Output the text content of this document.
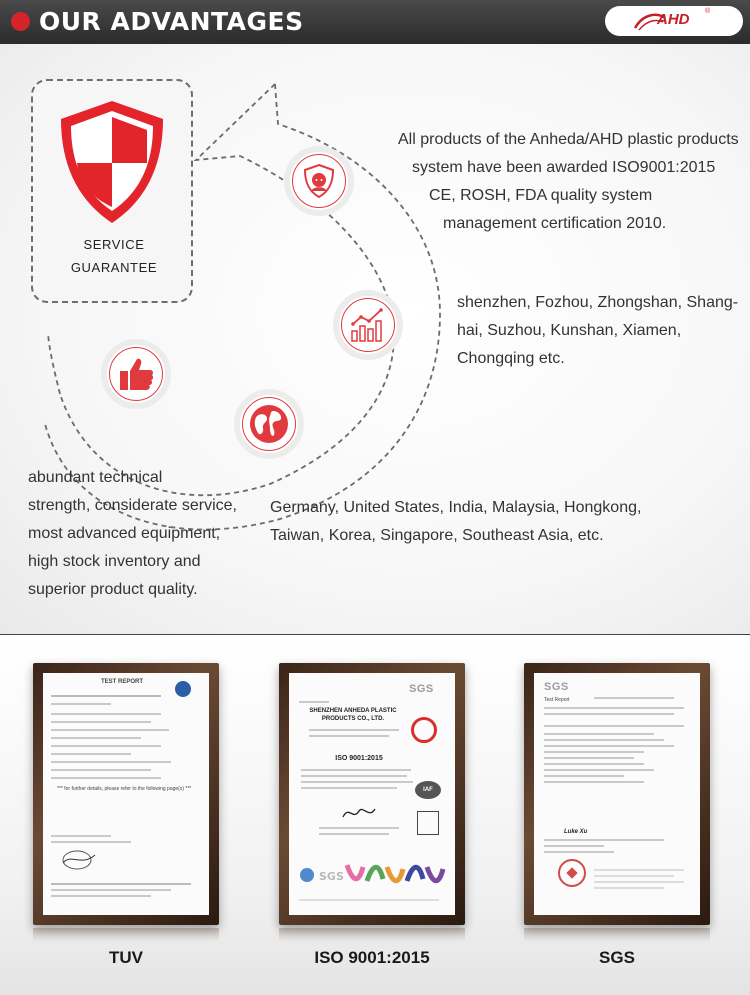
OUR ADVANTAGES	AHD ®
SERVICE
GUARANTEE
All products of the Anheda/AHD plastic products
system have been awarded ISO9001:2015
CE, ROSH, FDA quality system
management certification 2010.
shenzhen, Fozhou, Zhongshan, Shang-
hai, Suzhou, Kunshan, Xiamen,
Chongqing etc.
abundant technical
strength, considerate service,
most advanced equipment,
high stock inventory and
superior product quality.
Germany, United States, India, Malaysia, Hongkong,
Taiwan, Korea, Singapore, Southeast Asia, etc.
TEST REPORT
*** for further details, please refer to the following page(s) ***
TUV
SGS
SHENZHEN ANHEDA PLASTIC PRODUCTS CO., LTD.
ISO 9001:2015
IAF
SGS
ISO 9001:2015
SGS
Test Report
Luke Xu
SGS
